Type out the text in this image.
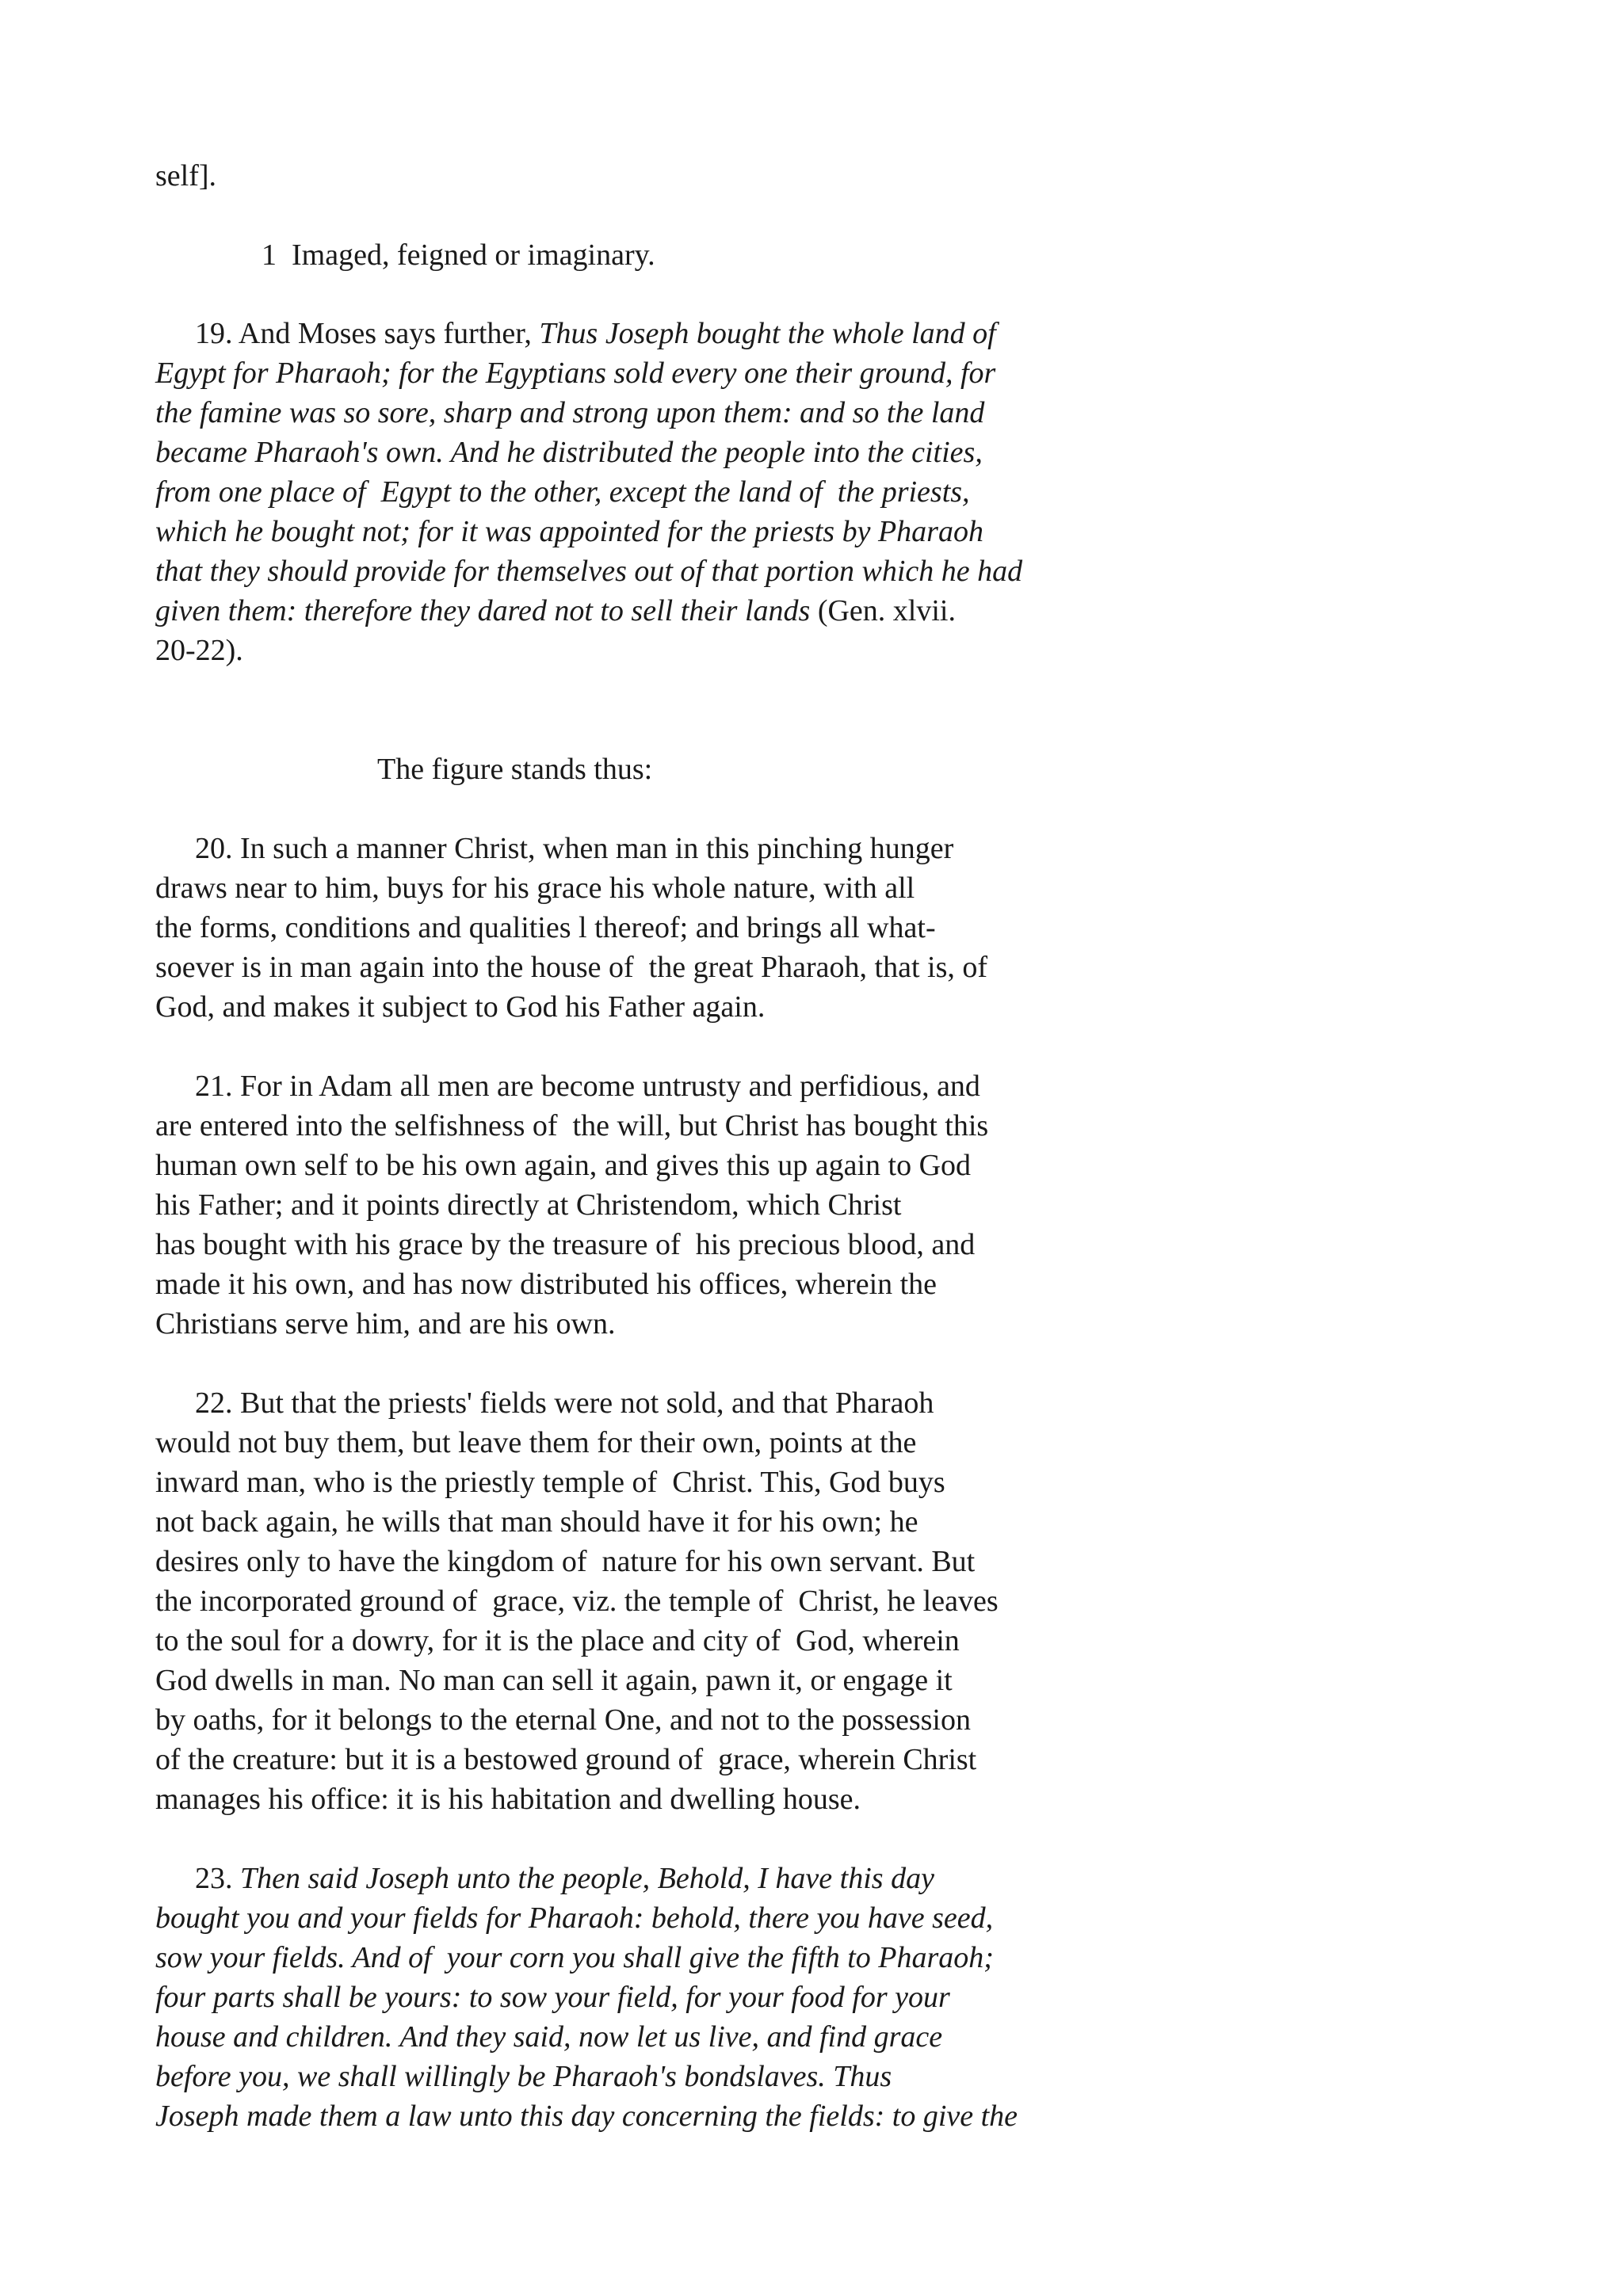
self].
1  Imaged, feigned or imaginary.
19. And Moses says further, Thus Joseph bought the whole land of
Egypt for Pharaoh; for the Egyptians sold every one their ground, for
the famine was so sore, sharp and strong upon them: and so the land
became Pharaoh's own. And he distributed the people into the cities,
from one place of  Egypt to the other, except the land of  the priests,
which he bought not; for it was appointed for the priests by Pharaoh
that they should provide for themselves out of that portion which he had
given them: therefore they dared not to sell their lands (Gen. xlvii.
20-22).
The figure stands thus:
20. In such a manner Christ, when man in this pinching hunger
draws near to him, buys for his grace his whole nature, with all
the forms, conditions and qualities l thereof; and brings all what-
soever is in man again into the house of  the great Pharaoh, that is, of
God, and makes it subject to God his Father again.
21. For in Adam all men are become untrusty and perfidious, and
are entered into the selfishness of  the will, but Christ has bought this
human own self to be his own again, and gives this up again to God
his Father; and it points directly at Christendom, which Christ
has bought with his grace by the treasure of  his precious blood, and
made it his own, and has now distributed his offices, wherein the
Christians serve him, and are his own.
22. But that the priests' fields were not sold, and that Pharaoh
would not buy them, but leave them for their own, points at the
inward man, who is the priestly temple of  Christ. This, God buys
not back again, he wills that man should have it for his own; he
desires only to have the kingdom of  nature for his own servant. But
the incorporated ground of  grace, viz. the temple of  Christ, he leaves
to the soul for a dowry, for it is the place and city of  God, wherein
God dwells in man. No man can sell it again, pawn it, or engage it
by oaths, for it belongs to the eternal One, and not to the possession
of the creature: but it is a bestowed ground of  grace, wherein Christ
manages his office: it is his habitation and dwelling house.
23. Then said Joseph unto the people, Behold, I have this day
bought you and your fields for Pharaoh: behold, there you have seed,
sow your fields. And of  your corn you shall give the fifth to Pharaoh;
four parts shall be yours: to sow your field, for your food for your
house and children. And they said, now let us live, and find grace
before you, we shall willingly be Pharaoh's bondslaves. Thus
Joseph made them a law unto this day concerning the fields: to give the
